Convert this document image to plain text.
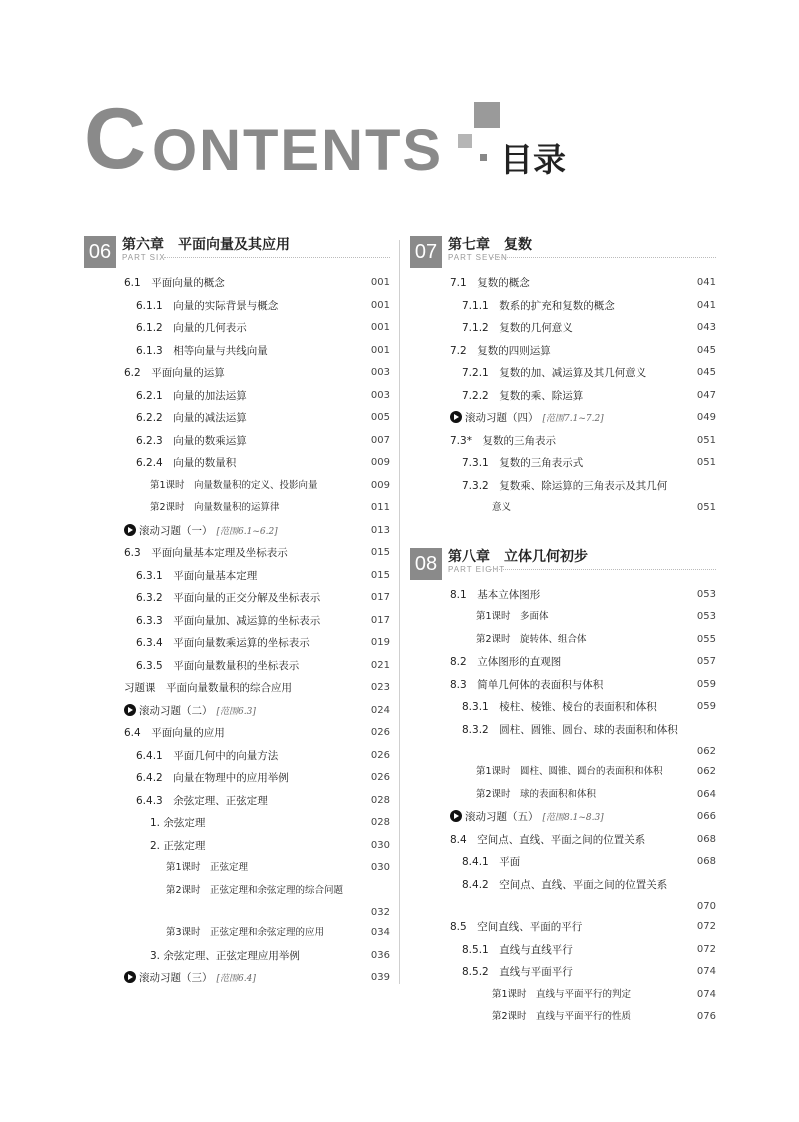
C ONTENTS 目录
06 第六章　平面向量及其应用
PART SIX
6.1　平面向量的概念	001
6.1.1　向量的实际背景与概念	001
6.1.2　向量的几何表示	001
6.1.3　相等向量与共线向量	001
6.2　平面向量的运算	003
6.2.1　向量的加法运算	003
6.2.2　向量的减法运算	005
6.2.3　向量的数乘运算	007
6.2.4　向量的数量积	009
第1课时　向量数量积的定义、投影向量	009
第2课时　向量数量积的运算律	011
滚动习题（一） [范围6.1~6.2]	013
6.3　平面向量基本定理及坐标表示	015
6.3.1　平面向量基本定理	015
6.3.2　平面向量的正交分解及坐标表示	017
6.3.3　平面向量加、减运算的坐标表示	017
6.3.4　平面向量数乘运算的坐标表示	019
6.3.5　平面向量数量积的坐标表示	021
习题课　平面向量数量积的综合应用	023
滚动习题（二） [范围6.3]	024
6.4　平面向量的应用	026
6.4.1　平面几何中的向量方法	026
6.4.2　向量在物理中的应用举例	026
6.4.3　余弦定理、正弦定理	028
1. 余弦定理	028
2. 正弦定理	030
第1课时　正弦定理	030
第2课时　正弦定理和余弦定理的综合问题
032
第3课时　正弦定理和余弦定理的应用	034
3. 余弦定理、正弦定理应用举例	036
滚动习题（三） [范围6.4]	039
07 第七章　复数
PART SEVEN
7.1　复数的概念	041
7.1.1　数系的扩充和复数的概念	041
7.1.2　复数的几何意义	043
7.2　复数的四则运算	045
7.2.1　复数的加、减运算及其几何意义	045
7.2.2　复数的乘、除运算	047
滚动习题（四） [范围7.1~7.2]	049
7.3*　复数的三角表示	051
7.3.1　复数的三角表示式	051
7.3.2　复数乘、除运算的三角表示及其几何
意义	051
08 第八章　立体几何初步
PART EIGHT
8.1　基本立体图形	053
第1课时　多面体	053
第2课时　旋转体、组合体	055
8.2　立体图形的直观图	057
8.3　简单几何体的表面积与体积	059
8.3.1　棱柱、棱锥、棱台的表面积和体积	059
8.3.2　圆柱、圆锥、圆台、球的表面积和体积
062
第1课时　圆柱、圆锥、圆台的表面积和体积	062
第2课时　球的表面积和体积	064
滚动习题（五） [范围8.1~8.3]	066
8.4　空间点、直线、平面之间的位置关系	068
8.4.1　平面	068
8.4.2　空间点、直线、平面之间的位置关系
070
8.5　空间直线、平面的平行	072
8.5.1　直线与直线平行	072
8.5.2　直线与平面平行	074
第1课时　直线与平面平行的判定	074
第2课时　直线与平面平行的性质	076
